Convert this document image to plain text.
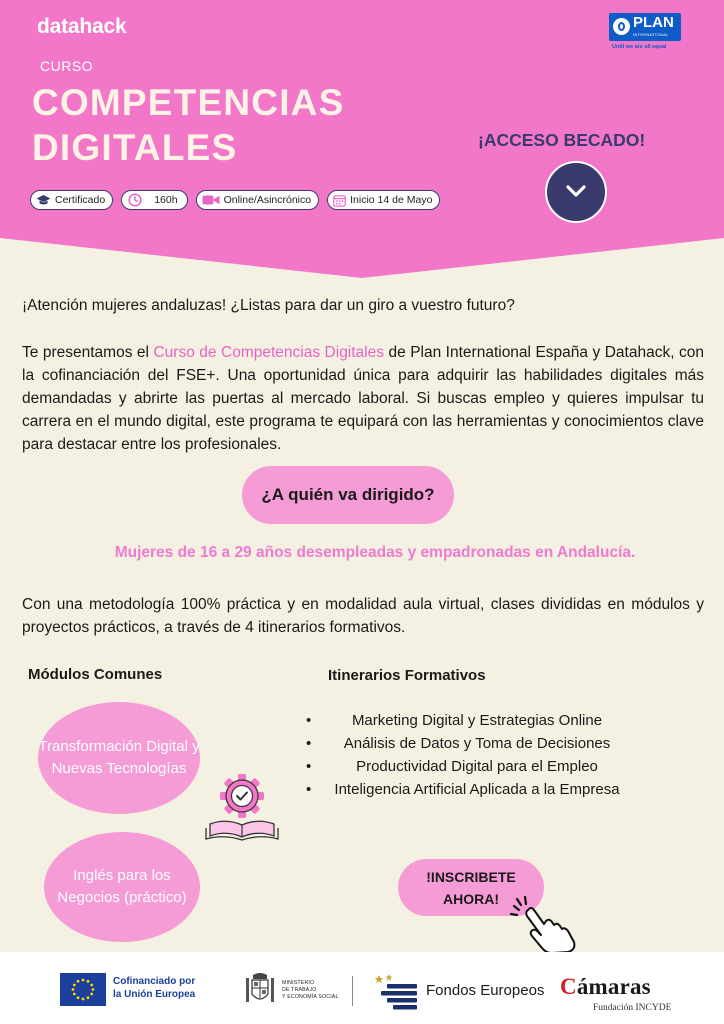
datahack	PLAN
INTERNATIONAL
Until we are all equal
CURSO
COMPETENCIAS
DIGITALES	¡ACCESO BECADO!
Certificado	160h	Online/Asincrónico	Inicio 14 de Mayo

¡Atención mujeres andaluzas! ¿Listas para dar un giro a vuestro futuro?

Te presentamos el Curso de Competencias Digitales de Plan International España y Datahack, con la cofinanciación del FSE+. Una oportunidad única para adquirir las habilidades digitales más demandadas y abrirte las puertas al mercado laboral. Si buscas empleo y quieres impulsar tu carrera en el mundo digital, este programa te equipará con las herramientas y conocimientos clave para destacar entre los profesionales.

¿A quién va dirigido?
Mujeres de 16 a 29 años desempleadas y empadronadas en Andalucía.

Con una metodología 100% práctica y en modalidad aula virtual, clases divididas en módulos y proyectos prácticos, a través de 4 itinerarios formativos.

Módulos Comunes	Itinerarios Formativos
Transformación Digital y Nuevas Tecnologías
Inglés para los Negocios (práctico)
• Marketing Digital y Estrategias Online
• Análisis de Datos y Toma de Decisiones
• Productividad Digital para el Empleo
• Inteligencia Artificial Aplicada a la Empresa
!INSCRIBETE
AHORA!
Cofinanciado por
la Unión Europea
MINISTERIO
DE TRABAJO
Y ECONOMÍA SOCIAL	Fondos Europeos Cámaras
Fundación INCYDE
